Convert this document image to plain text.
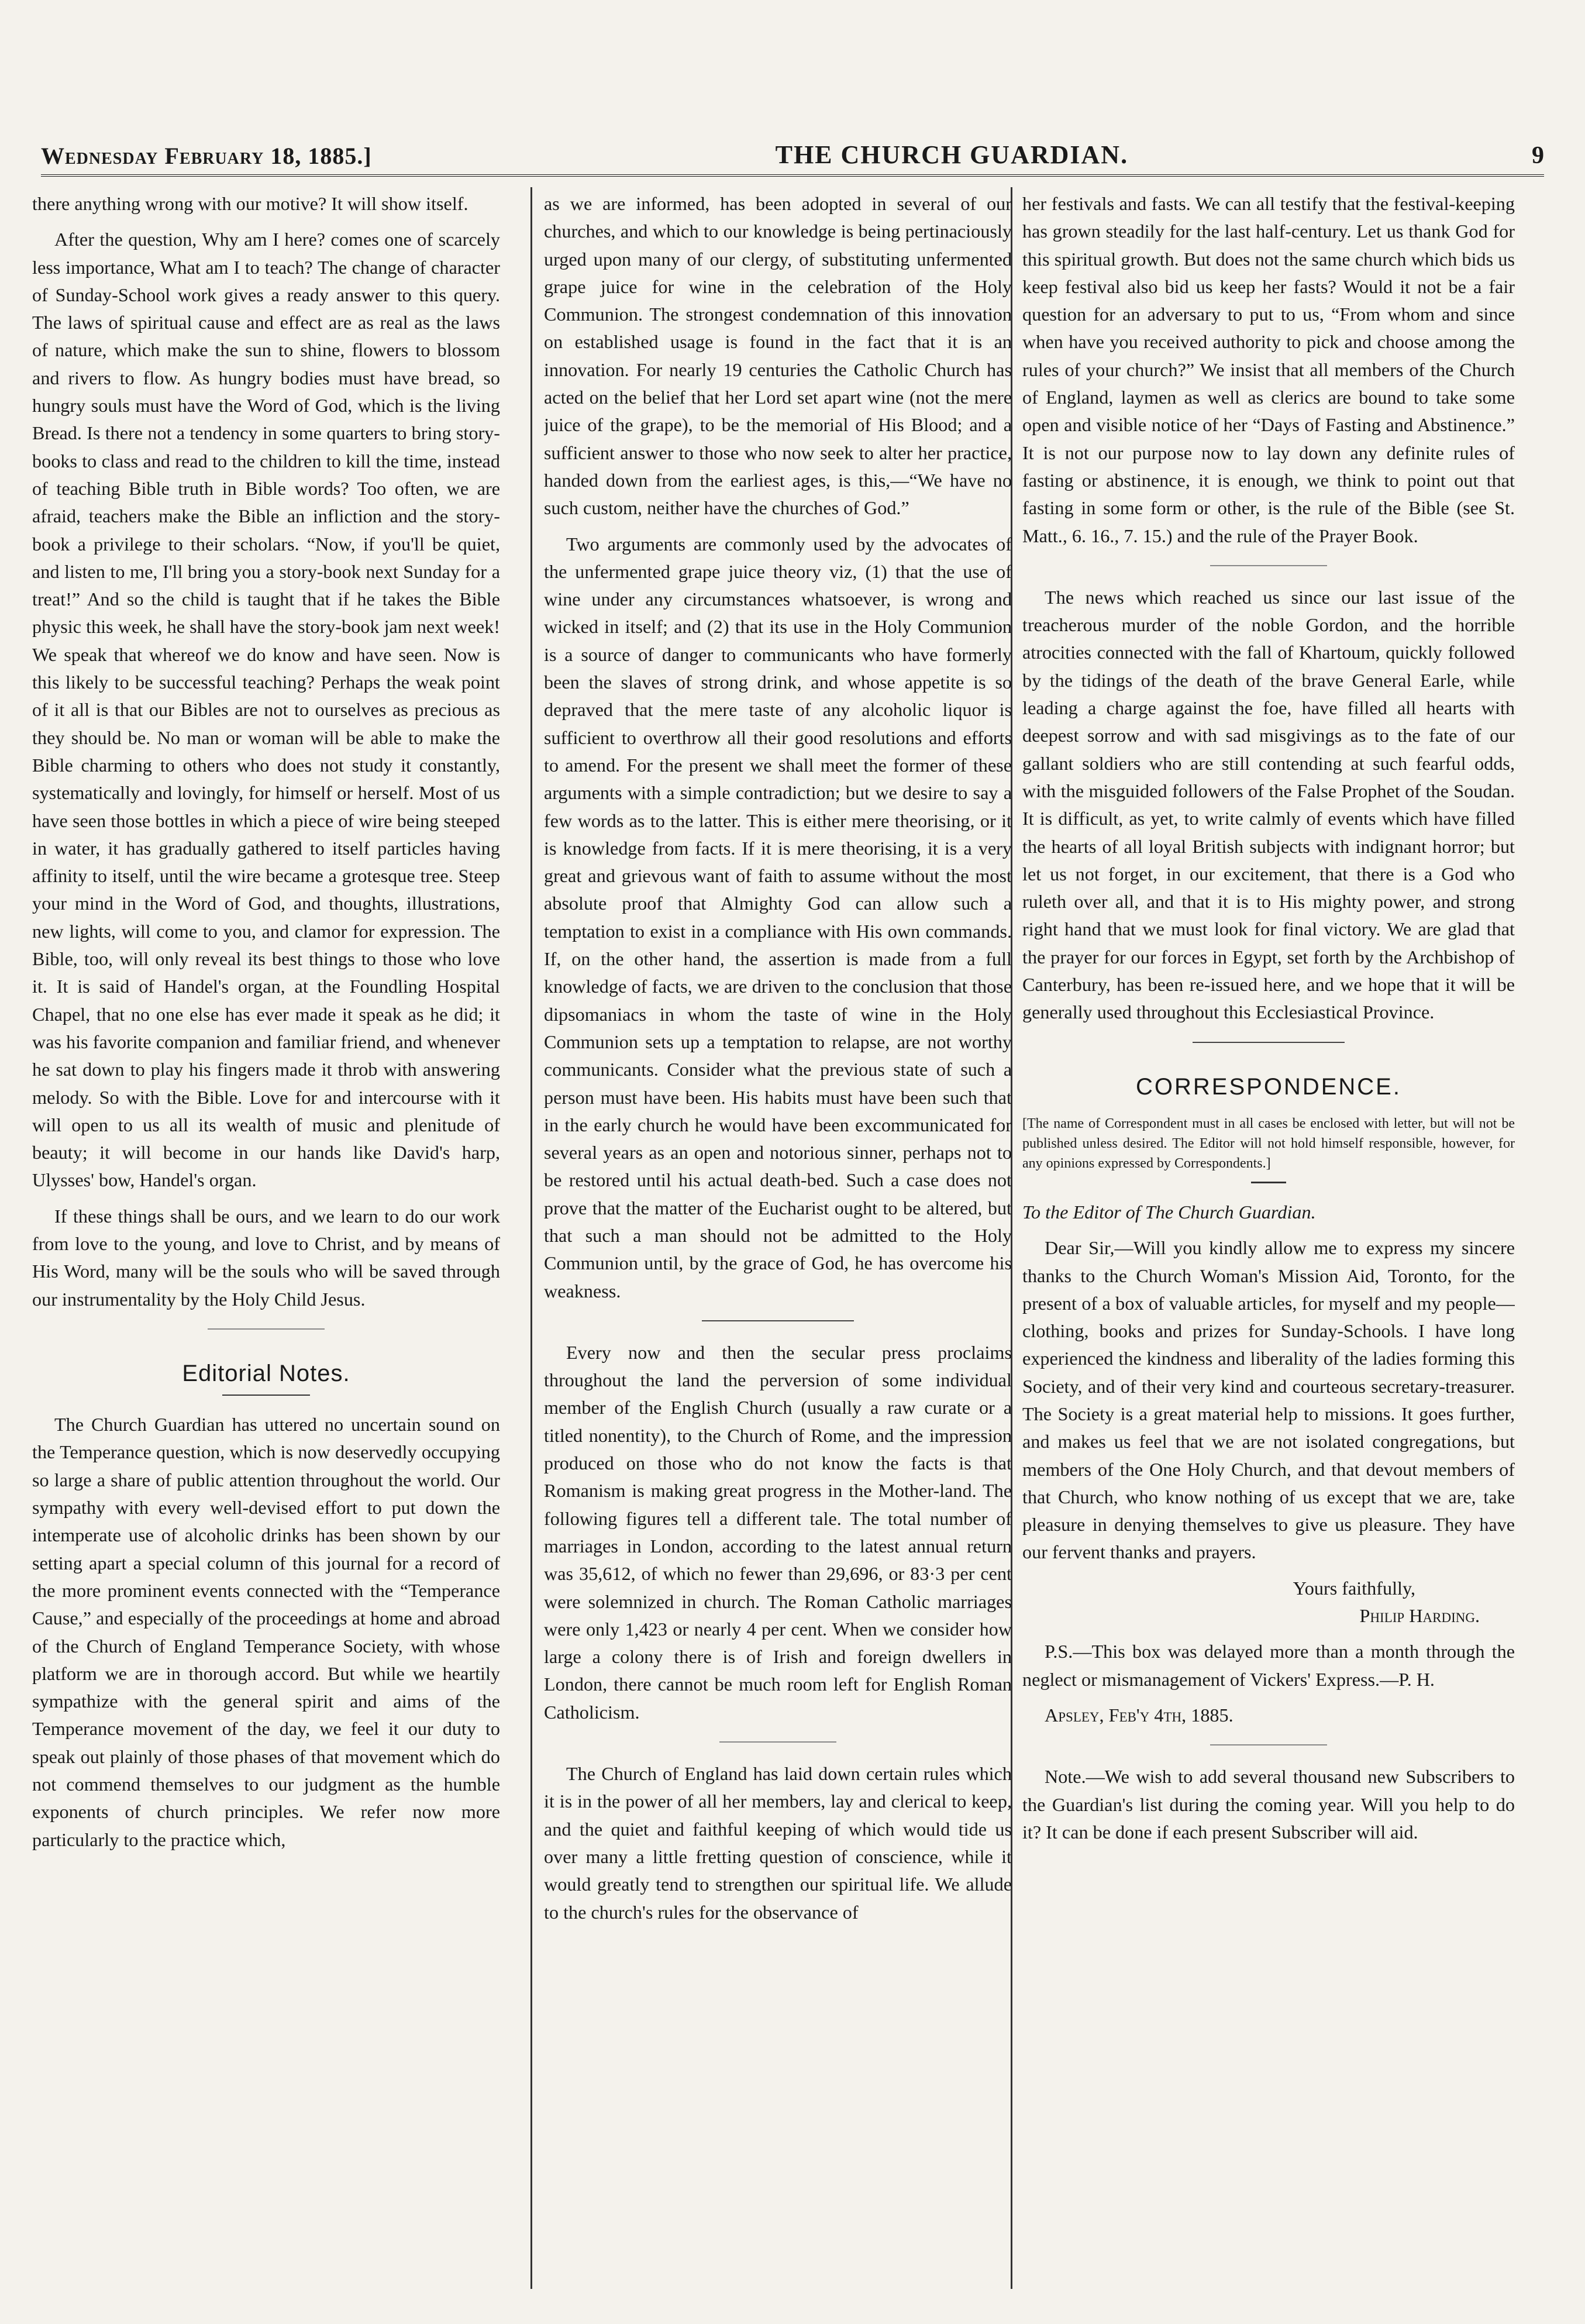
Wednesday February 18, 1885.]	THE CHURCH GUARDIAN.	9

there anything wrong with our motive? It will show itself.

After the question, Why am I here? comes one of scarcely less importance, What am I to teach? The change of character of Sunday-School work gives a ready answer to this query. The laws of spiritual cause and effect are as real as the laws of nature, which make the sun to shine, flowers to blossom and rivers to flow. As hungry bodies must have bread, so hungry souls must have the Word of God, which is the living Bread. Is there not a tendency in some quarters to bring story-books to class and read to the children to kill the time, instead of teaching Bible truth in Bible words? Too often, we are afraid, teachers make the Bible an infliction and the story-book a privilege to their scholars. “Now, if you'll be quiet, and listen to me, I'll bring you a story-book next Sunday for a treat!” And so the child is taught that if he takes the Bible physic this week, he shall have the story-book jam next week! We speak that whereof we do know and have seen. Now is this likely to be successful teaching? Perhaps the weak point of it all is that our Bibles are not to ourselves as precious as they should be. No man or woman will be able to make the Bible charming to others who does not study it constantly, systematically and lovingly, for himself or herself. Most of us have seen those bottles in which a piece of wire being steeped in water, it has gradually gathered to itself particles having affinity to itself, until the wire became a grotesque tree. Steep your mind in the Word of God, and thoughts, illustrations, new lights, will come to you, and clamor for expression. The Bible, too, will only reveal its best things to those who love it. It is said of Handel's organ, at the Foundling Hospital Chapel, that no one else has ever made it speak as he did; it was his favorite companion and familiar friend, and whenever he sat down to play his fingers made it throb with answering melody. So with the Bible. Love for and intercourse with it will open to us all its wealth of music and plenitude of beauty; it will become in our hands like David's harp, Ulysses' bow, Handel's organ.

If these things shall be ours, and we learn to do our work from love to the young, and love to Christ, and by means of His Word, many will be the souls who will be saved through our instrumentality by the Holy Child Jesus.

Editorial Notes.

The Church Guardian has uttered no uncertain sound on the Temperance question, which is now deservedly occupying so large a share of public attention throughout the world. Our sympathy with every well-devised effort to put down the intemperate use of alcoholic drinks has been shown by our setting apart a special column of this journal for a record of the more prominent events connected with the “Temperance Cause,” and especially of the proceedings at home and abroad of the Church of England Temperance Society, with whose platform we are in thorough accord. But while we heartily sympathize with the general spirit and aims of the Temperance movement of the day, we feel it our duty to speak out plainly of those phases of that movement which do not commend themselves to our judgment as the humble exponents of church principles. We refer now more particularly to the practice which,

as we are informed, has been adopted in several of our churches, and which to our knowledge is being pertinaciously urged upon many of our clergy, of substituting unfermented grape juice for wine in the celebration of the Holy Communion. The strongest condemnation of this innovation on established usage is found in the fact that it is an innovation. For nearly 19 centuries the Catholic Church has acted on the belief that her Lord set apart wine (not the mere juice of the grape), to be the memorial of His Blood; and a sufficient answer to those who now seek to alter her practice, handed down from the earliest ages, is this,—“We have no such custom, neither have the churches of God.”

Two arguments are commonly used by the advocates of the unfermented grape juice theory viz, (1) that the use of wine under any circumstances whatsoever, is wrong and wicked in itself; and (2) that its use in the Holy Communion is a source of danger to communicants who have formerly been the slaves of strong drink, and whose appetite is so depraved that the mere taste of any alcoholic liquor is sufficient to overthrow all their good resolutions and efforts to amend. For the present we shall meet the former of these arguments with a simple contradiction; but we desire to say a few words as to the latter. This is either mere theorising, or it is knowledge from facts. If it is mere theorising, it is a very great and grievous want of faith to assume without the most absolute proof that Almighty God can allow such a temptation to exist in a compliance with His own commands. If, on the other hand, the assertion is made from a full knowledge of facts, we are driven to the conclusion that those dipsomaniacs in whom the taste of wine in the Holy Communion sets up a temptation to relapse, are not worthy communicants. Consider what the previous state of such a person must have been. His habits must have been such that in the early church he would have been excommunicated for several years as an open and notorious sinner, perhaps not to be restored until his actual death-bed. Such a case does not prove that the matter of the Eucharist ought to be altered, but that such a man should not be admitted to the Holy Communion until, by the grace of God, he has overcome his weakness.

Every now and then the secular press proclaims throughout the land the perversion of some individual member of the English Church (usually a raw curate or a titled nonentity), to the Church of Rome, and the impression produced on those who do not know the facts is that Romanism is making great progress in the Mother-land. The following figures tell a different tale. The total number of marriages in London, according to the latest annual return was 35,612, of which no fewer than 29,696, or 83·3 per cent were solemnized in church. The Roman Catholic marriages were only 1,423 or nearly 4 per cent. When we consider how large a colony there is of Irish and foreign dwellers in London, there cannot be much room left for English Roman Catholicism.

The Church of England has laid down certain rules which it is in the power of all her members, lay and clerical to keep, and the quiet and faithful keeping of which would tide us over many a little fretting question of conscience, while it would greatly tend to strengthen our spiritual life. We allude to the church's rules for the observance of

her festivals and fasts. We can all testify that the festival-keeping has grown steadily for the last half-century. Let us thank God for this spiritual growth. But does not the same church which bids us keep festival also bid us keep her fasts? Would it not be a fair question for an adversary to put to us, “From whom and since when have you received authority to pick and choose among the rules of your church?” We insist that all members of the Church of England, laymen as well as clerics are bound to take some open and visible notice of her “Days of Fasting and Abstinence.” It is not our purpose now to lay down any definite rules of fasting or abstinence, it is enough, we think to point out that fasting in some form or other, is the rule of the Bible (see St. Matt., 6. 16., 7. 15.) and the rule of the Prayer Book.

The news which reached us since our last issue of the treacherous murder of the noble Gordon, and the horrible atrocities connected with the fall of Khartoum, quickly followed by the tidings of the death of the brave General Earle, while leading a charge against the foe, have filled all hearts with deepest sorrow and with sad misgivings as to the fate of our gallant soldiers who are still contending at such fearful odds, with the misguided followers of the False Prophet of the Soudan. It is difficult, as yet, to write calmly of events which have filled the hearts of all loyal British subjects with indignant horror; but let us not forget, in our excitement, that there is a God who ruleth over all, and that it is to His mighty power, and strong right hand that we must look for final victory. We are glad that the prayer for our forces in Egypt, set forth by the Archbishop of Canterbury, has been re-issued here, and we hope that it will be generally used throughout this Ecclesiastical Province.

CORRESPONDENCE.

[The name of Correspondent must in all cases be enclosed with letter, but will not be published unless desired. The Editor will not hold himself responsible, however, for any opinions expressed by Correspondents.]

To the Editor of The Church Guardian.

Dear Sir,—Will you kindly allow me to express my sincere thanks to the Church Woman's Mission Aid, Toronto, for the present of a box of valuable articles, for myself and my people—clothing, books and prizes for Sunday-Schools. I have long experienced the kindness and liberality of the ladies forming this Society, and of their very kind and courteous secretary-treasurer. The Society is a great material help to missions. It goes further, and makes us feel that we are not isolated congregations, but members of the One Holy Church, and that devout members of that Church, who know nothing of us except that we are, take pleasure in denying themselves to give us pleasure. They have our fervent thanks and prayers.

Yours faithfully,

Philip Harding.

P.S.—This box was delayed more than a month through the neglect or mismanagement of Vickers' Express.—P. H.

Apsley, Feb'y 4th, 1885.

Note.—We wish to add several thousand new Subscribers to the Guardian's list during the coming year. Will you help to do it? It can be done if each present Subscriber will aid.
